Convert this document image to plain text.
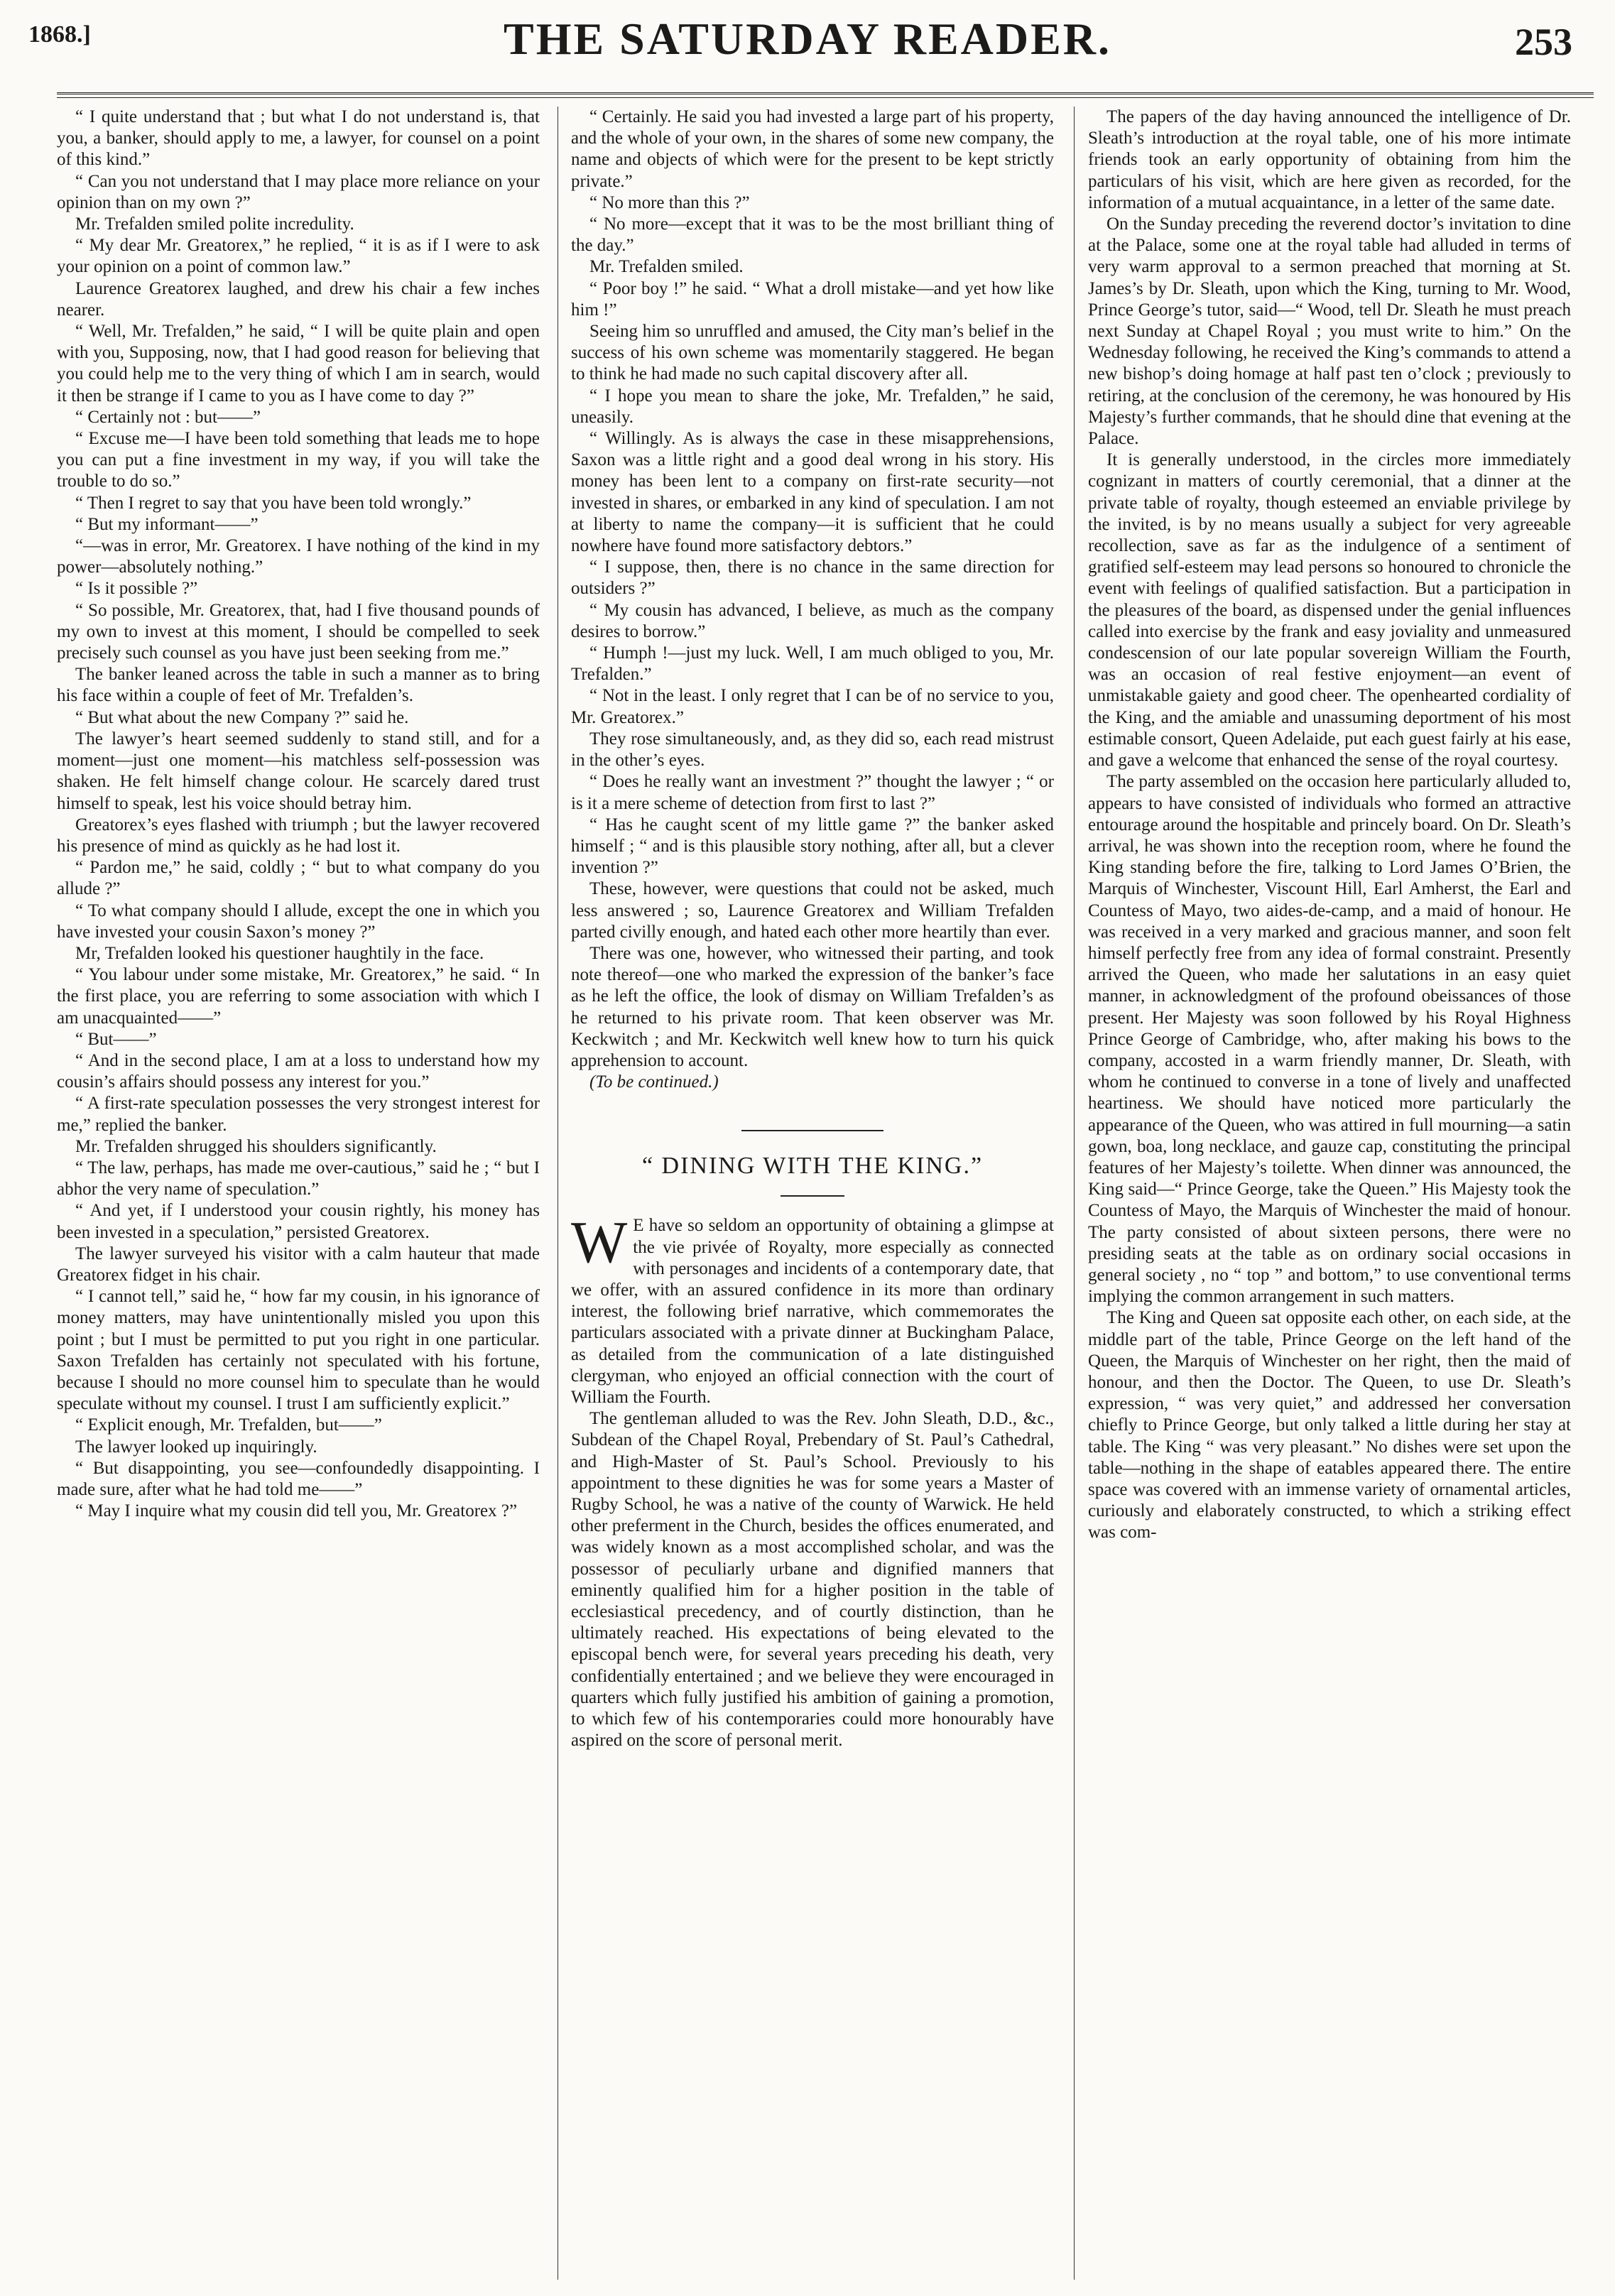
1868.]	THE SATURDAY READER.	253

“ I quite understand that ; but what I do not understand is, that you, a banker, should apply to me, a lawyer, for counsel on a point of this kind.”

“ Can you not understand that I may place more reliance on your opinion than on my own ?”

Mr. Trefalden smiled polite incredulity.

“ My dear Mr. Greatorex,” he replied, “ it is as if I were to ask your opinion on a point of common law.”

Laurence Greatorex laughed, and drew his chair a few inches nearer.

“ Well, Mr. Trefalden,” he said, “ I will be quite plain and open with you, Supposing, now, that I had good reason for believing that you could help me to the very thing of which I am in search, would it then be strange if I came to you as I have come to day ?”

“ Certainly not : but——”

“ Excuse me—I have been told something that leads me to hope you can put a fine investment in my way, if you will take the trouble to do so.”

“ Then I regret to say that you have been told wrongly.”

“ But my informant——”

“—was in error, Mr. Greatorex. I have nothing of the kind in my power—absolutely nothing.”

“ Is it possible ?”

“ So possible, Mr. Greatorex, that, had I five thousand pounds of my own to invest at this moment, I should be compelled to seek precisely such counsel as you have just been seeking from me.”

The banker leaned across the table in such a manner as to bring his face within a couple of feet of Mr. Trefalden’s.

“ But what about the new Company ?” said he.

The lawyer’s heart seemed suddenly to stand still, and for a moment—just one moment—his matchless self-possession was shaken. He felt himself change colour. He scarcely dared trust himself to speak, lest his voice should betray him.

Greatorex’s eyes flashed with triumph ; but the lawyer recovered his presence of mind as quickly as he had lost it.

“ Pardon me,” he said, coldly ; “ but to what company do you allude ?”

“ To what company should I allude, except the one in which you have invested your cousin Saxon’s money ?”

Mr, Trefalden looked his questioner haughtily in the face.

“ You labour under some mistake, Mr. Greatorex,” he said. “ In the first place, you are referring to some association with which I am unacquainted——”

“ But——”

“ And in the second place, I am at a loss to understand how my cousin’s affairs should possess any interest for you.”

“ A first-rate speculation possesses the very strongest interest for me,” replied the banker.

Mr. Trefalden shrugged his shoulders significantly.

“ The law, perhaps, has made me over-cautious,” said he ; “ but I abhor the very name of speculation.”

“ And yet, if I understood your cousin rightly, his money has been invested in a speculation,” persisted Greatorex.

The lawyer surveyed his visitor with a calm hauteur that made Greatorex fidget in his chair.

“ I cannot tell,” said he, “ how far my cousin, in his ignorance of money matters, may have unintentionally misled you upon this point ; but I must be permitted to put you right in one particular. Saxon Trefalden has certainly not speculated with his fortune, because I should no more counsel him to speculate than he would speculate without my counsel. I trust I am sufficiently explicit.”

“ Explicit enough, Mr. Trefalden, but——”

The lawyer looked up inquiringly.

“ But disappointing, you see—confoundedly disappointing. I made sure, after what he had told me——”

“ May I inquire what my cousin did tell you, Mr. Greatorex ?”

“ Certainly. He said you had invested a large part of his property, and the whole of your own, in the shares of some new company, the name and objects of which were for the present to be kept strictly private.”

“ No more than this ?”

“ No more—except that it was to be the most brilliant thing of the day.”

Mr. Trefalden smiled.

“ Poor boy !” he said. “ What a droll mistake—and yet how like him !”

Seeing him so unruffled and amused, the City man’s belief in the success of his own scheme was momentarily staggered. He began to think he had made no such capital discovery after all.

“ I hope you mean to share the joke, Mr. Trefalden,” he said, uneasily.

“ Willingly. As is always the case in these misapprehensions, Saxon was a little right and a good deal wrong in his story. His money has been lent to a company on first-rate security—not invested in shares, or embarked in any kind of speculation. I am not at liberty to name the company—it is sufficient that he could nowhere have found more satisfactory debtors.”

“ I suppose, then, there is no chance in the same direction for outsiders ?”

“ My cousin has advanced, I believe, as much as the company desires to borrow.”

“ Humph !—just my luck. Well, I am much obliged to you, Mr. Trefalden.”

“ Not in the least. I only regret that I can be of no service to you, Mr. Greatorex.”

They rose simultaneously, and, as they did so, each read mistrust in the other’s eyes.

“ Does he really want an investment ?” thought the lawyer ; “ or is it a mere scheme of detection from first to last ?”

“ Has he caught scent of my little game ?” the banker asked himself ; “ and is this plausible story nothing, after all, but a clever invention ?”

These, however, were questions that could not be asked, much less answered ; so, Laurence Greatorex and William Trefalden parted civilly enough, and hated each other more heartily than ever.

There was one, however, who witnessed their parting, and took note thereof—one who marked the expression of the banker’s face as he left the office, the look of dismay on William Trefalden’s as he returned to his private room. That keen observer was Mr. Keckwitch ; and Mr. Keckwitch well knew how to turn his quick apprehension to account.

(To be continued.)

“ DINING WITH THE KING.”

W E have so seldom an opportunity of obtaining a glimpse at the vie privée of Royalty, more especially as connected with personages and incidents of a contemporary date, that we offer, with an assured confidence in its more than ordinary interest, the following brief narrative, which commemorates the particulars associated with a private dinner at Buckingham Palace, as detailed from the communication of a late distinguished clergyman, who enjoyed an official connection with the court of William the Fourth.

The gentleman alluded to was the Rev. John Sleath, D.D., &c., Subdean of the Chapel Royal, Prebendary of St. Paul’s Cathedral, and High-Master of St. Paul’s School. Previously to his appointment to these dignities he was for some years a Master of Rugby School, he was a native of the county of Warwick. He held other preferment in the Church, besides the offices enumerated, and was widely known as a most accomplished scholar, and was the possessor of peculiarly urbane and dignified manners that eminently qualified him for a higher position in the table of ecclesiastical precedency, and of courtly distinction, than he ultimately reached. His expectations of being elevated to the episcopal bench were, for several years preceding his death, very confidentially entertained ; and we believe they were encouraged in quarters which fully justified his ambition of gaining a promotion, to which few of his contemporaries could more honourably have aspired on the score of personal merit.

The papers of the day having announced the intelligence of Dr. Sleath’s introduction at the royal table, one of his more intimate friends took an early opportunity of obtaining from him the particulars of his visit, which are here given as recorded, for the information of a mutual acquaintance, in a letter of the same date.

On the Sunday preceding the reverend doctor’s invitation to dine at the Palace, some one at the royal table had alluded in terms of very warm approval to a sermon preached that morning at St. James’s by Dr. Sleath, upon which the King, turning to Mr. Wood, Prince George’s tutor, said—“ Wood, tell Dr. Sleath he must preach next Sunday at Chapel Royal ; you must write to him.” On the Wednesday following, he received the King’s commands to attend a new bishop’s doing homage at half past ten o’clock ; previously to retiring, at the conclusion of the ceremony, he was honoured by His Majesty’s further commands, that he should dine that evening at the Palace.

It is generally understood, in the circles more immediately cognizant in matters of courtly ceremonial, that a dinner at the private table of royalty, though esteemed an enviable privilege by the invited, is by no means usually a subject for very agreeable recollection, save as far as the indulgence of a sentiment of gratified self-esteem may lead persons so honoured to chronicle the event with feelings of qualified satisfaction. But a participation in the pleasures of the board, as dispensed under the genial influences called into exercise by the frank and easy joviality and unmeasured condescension of our late popular sovereign William the Fourth, was an occasion of real festive enjoyment—an event of unmistakable gaiety and good cheer. The openhearted cordiality of the King, and the amiable and unassuming deportment of his most estimable consort, Queen Adelaide, put each guest fairly at his ease, and gave a welcome that enhanced the sense of the royal courtesy.

The party assembled on the occasion here particularly alluded to, appears to have consisted of individuals who formed an attractive entourage around the hospitable and princely board. On Dr. Sleath’s arrival, he was shown into the reception room, where he found the King standing before the fire, talking to Lord James O’Brien, the Marquis of Winchester, Viscount Hill, Earl Amherst, the Earl and Countess of Mayo, two aides-de-camp, and a maid of honour. He was received in a very marked and gracious manner, and soon felt himself perfectly free from any idea of formal constraint. Presently arrived the Queen, who made her salutations in an easy quiet manner, in acknowledgment of the profound obeissances of those present. Her Majesty was soon followed by his Royal Highness Prince George of Cambridge, who, after making his bows to the company, accosted in a warm friendly manner, Dr. Sleath, with whom he continued to converse in a tone of lively and unaffected heartiness. We should have noticed more particularly the appearance of the Queen, who was attired in full mourning—a satin gown, boa, long necklace, and gauze cap, constituting the principal features of her Majesty’s toilette. When dinner was announced, the King said—“ Prince George, take the Queen.” His Majesty took the Countess of Mayo, the Marquis of Winchester the maid of honour. The party consisted of about sixteen persons, there were no presiding seats at the table as on ordinary social occasions in general society , no “ top ” and bottom,” to use conventional terms implying the common arrangement in such matters.

The King and Queen sat opposite each other, on each side, at the middle part of the table, Prince George on the left hand of the Queen, the Marquis of Winchester on her right, then the maid of honour, and then the Doctor. The Queen, to use Dr. Sleath’s expression, “ was very quiet,” and addressed her conversation chiefly to Prince George, but only talked a little during her stay at table. The King “ was very pleasant.” No dishes were set upon the table—nothing in the shape of eatables appeared there. The entire space was covered with an immense variety of ornamental articles, curiously and elaborately constructed, to which a striking effect was com-
